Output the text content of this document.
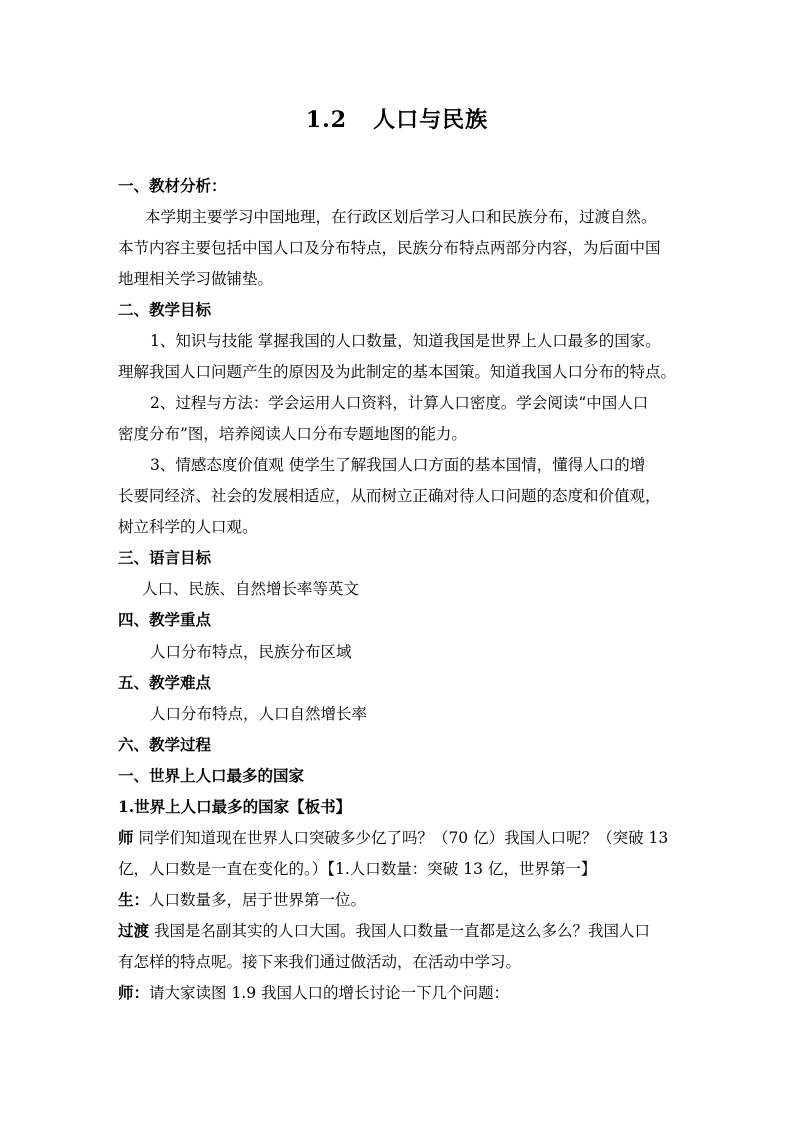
1.2 人口与民族
一、教材分析：
本学期主要学习中国地理，在行政区划后学习人口和民族分布，过渡自然。
本节内容主要包括中国人口及分布特点，民族分布特点两部分内容，为后面中国
地理相关学习做铺垫。
二、教学目标
1、知识与技能 掌握我国的人口数量，知道我国是世界上人口最多的国家。
理解我国人口问题产生的原因及为此制定的基本国策。知道我国人口分布的特点。
2、过程与方法：学会运用人口资料，计算人口密度。学会阅读“中国人口
密度分布”图，培养阅读人口分布专题地图的能力。
3、情感态度价值观 使学生了解我国人口方面的基本国情，懂得人口的增
长要同经济、社会的发展相适应，从而树立正确对待人口问题的态度和价值观，
树立科学的人口观。
三、语言目标
人口、民族、自然增长率等英文
四、教学重点
人口分布特点，民族分布区域
五、教学难点
人口分布特点，人口自然增长率
六、教学过程
一、世界上人口最多的国家
1.世界上人口最多的国家【板书】
师 同学们知道现在世界人口突破多少亿了吗？（70 亿）我国人口呢？（突破 13
亿，人口数是一直在变化的。）【1.人口数量：突破 13 亿，世界第一】
生：人口数量多，居于世界第一位。
过渡 我国是名副其实的人口大国。我国人口数量一直都是这么多么？我国人口
有怎样的特点呢。接下来我们通过做活动，在活动中学习。
师：请大家读图 1.9 我国人口的增长讨论一下几个问题：
